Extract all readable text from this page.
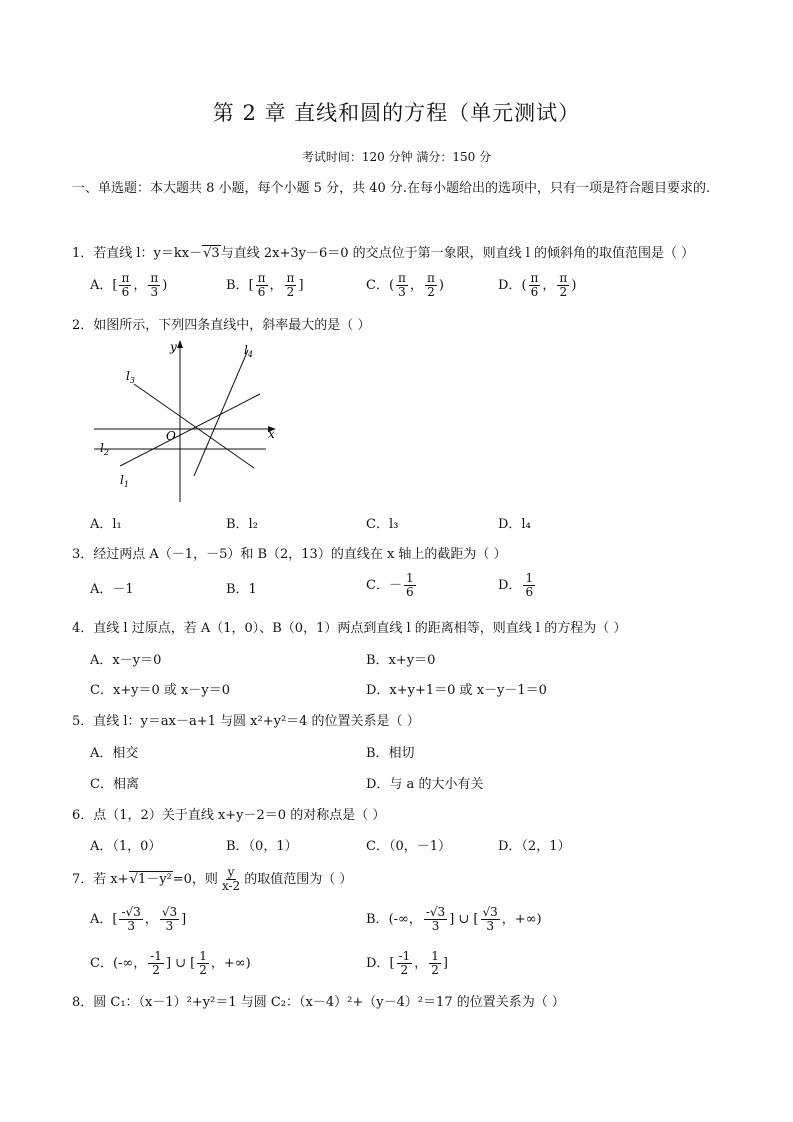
第 2 章 直线和圆的方程（单元测试）
考试时间：120 分钟 满分：150 分
一、单选题：本大题共 8 小题，每个小题 5 分，共 40 分.在每小题给出的选项中，只有一项是符合题目要求的.
1．若直线 l：y＝kx－√3与直线 2x+3y－6＝0 的交点位于第一象限，则直线 l 的倾斜角的取值范围是（ ）
A．[ $\frac{\pi}{6}$ ， $\frac{\pi}{3}$ )	B．[ $\frac{\pi}{6}$ ， $\frac{\pi}{2}$ ]	C．( $\frac{\pi}{3}$ ， $\frac{\pi}{2}$ )	D．( $\frac{\pi}{6}$ ， $\frac{\pi}{2}$ )
2．如图所示，下列四条直线中，斜率最大的是（ ）
y
x
O
$l_3$
$l_4$
$l_2$
$l_1$
A．l₁	B．l₂	C．l₃	D．l₄
3．经过两点 A（－1，－5）和 B（2，13）的直线在 x 轴上的截距为（ ）
A．－1	B．1	C．－ $\frac{1}{6}$	D． $\frac{1}{6}$
4．直线 l 过原点，若 A（1，0）、B（0，1）两点到直线 l 的距离相等，则直线 l 的方程为（ ）
A．x－y＝0	B．x+y＝0
C．x+y＝0 或 x－y＝0	D．x+y+1＝0 或 x－y－1＝0
5．直线 l：y＝ax－a+1 与圆 x²+y²＝4 的位置关系是（ ）
A．相交	B．相切
C．相离	D．与 a 的大小有关
6．点（1，2）关于直线 x+y－2＝0 的对称点是（ ）
A．（1，0）	B．（0，1）	C．（0，－1）	D．（2，1）
7．若 x+√1－y²=0，则 $\frac{y}{x-2}$ 的取值范围为（ ）
A．[ $\frac{-√3}{3}$ ， $\frac{√3}{3}$ ]	B．(-∞， $\frac{-√3}{3}$ ] ∪ [ $\frac{√3}{3}$ ，+∞)
C．(-∞， $\frac{-1}{2}$ ] ∪ [ $\frac{1}{2}$ ，+∞)	D．[ $\frac{-1}{2}$ ， $\frac{1}{2}$ ]
8．圆 C₁：（x－1）²+y²＝1 与圆 C₂：（x－4）²+（y－4）²＝17 的位置关系为（ ）
